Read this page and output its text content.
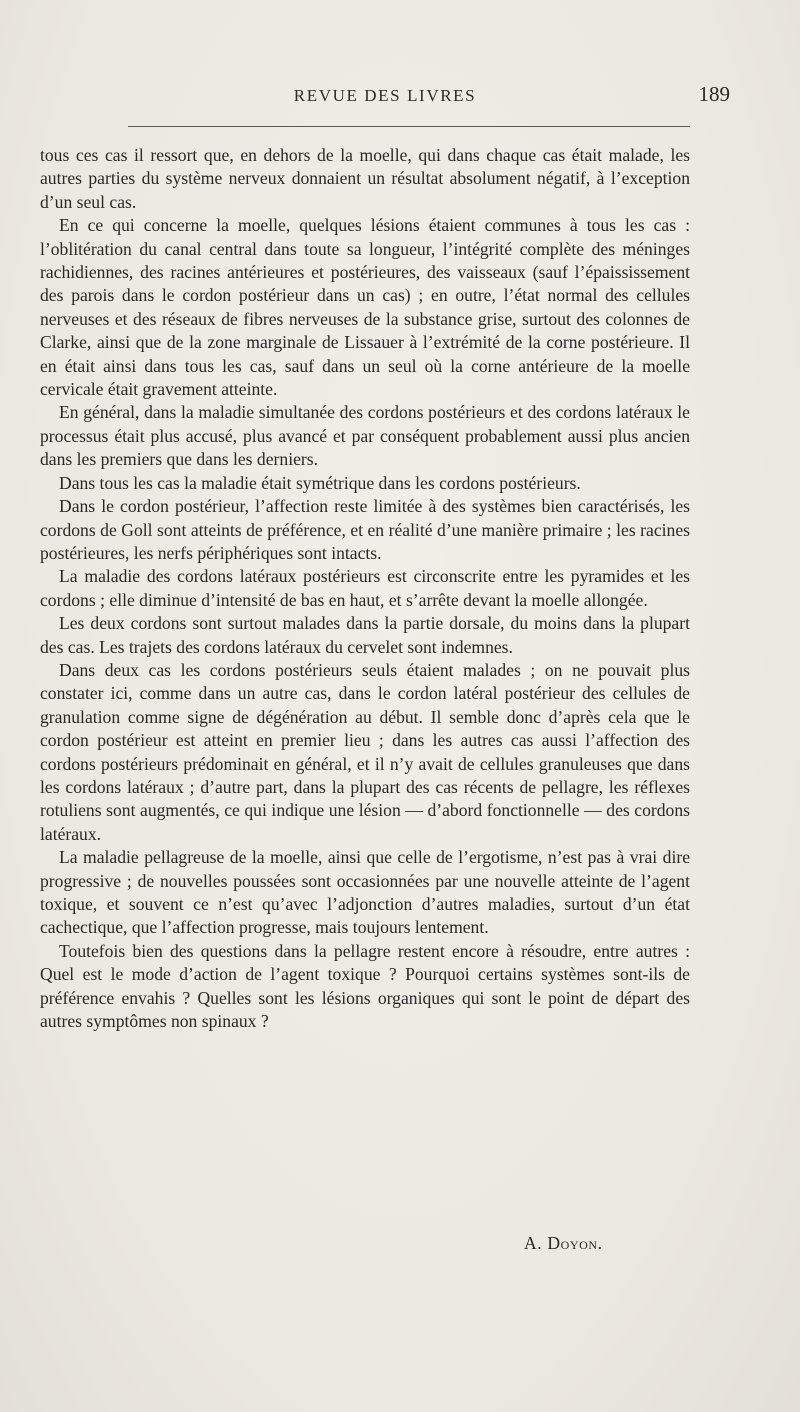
REVUE DES LIVRES	189

tous ces cas il ressort que, en dehors de la moelle, qui dans chaque cas était malade, les autres parties du système nerveux donnaient un résultat absolument négatif, à l’exception d’un seul cas.

En ce qui concerne la moelle, quelques lésions étaient communes à tous les cas : l’oblitération du canal central dans toute sa longueur, l’intégrité complète des méninges rachidiennes, des racines antérieures et postérieures, des vaisseaux (sauf l’épaississement des parois dans le cordon postérieur dans un cas) ; en outre, l’état normal des cellules nerveuses et des réseaux de fibres nerveuses de la substance grise, surtout des colonnes de Clarke, ainsi que de la zone marginale de Lissauer à l’extrémité de la corne postérieure. Il en était ainsi dans tous les cas, sauf dans un seul où la corne antérieure de la moelle cervicale était gravement atteinte.

En général, dans la maladie simultanée des cordons postérieurs et des cordons latéraux le processus était plus accusé, plus avancé et par conséquent probablement aussi plus ancien dans les premiers que dans les derniers.

Dans tous les cas la maladie était symétrique dans les cordons postérieurs.

Dans le cordon postérieur, l’affection reste limitée à des systèmes bien caractérisés, les cordons de Goll sont atteints de préférence, et en réalité d’une manière primaire ; les racines postérieures, les nerfs périphériques sont intacts.

La maladie des cordons latéraux postérieurs est circonscrite entre les pyramides et les cordons ; elle diminue d’intensité de bas en haut, et s’arrête devant la moelle allongée.

Les deux cordons sont surtout malades dans la partie dorsale, du moins dans la plupart des cas. Les trajets des cordons latéraux du cervelet sont indemnes.

Dans deux cas les cordons postérieurs seuls étaient malades ; on ne pouvait plus constater ici, comme dans un autre cas, dans le cordon latéral postérieur des cellules de granulation comme signe de dégénération au début. Il semble donc d’après cela que le cordon postérieur est atteint en premier lieu ; dans les autres cas aussi l’affection des cordons postérieurs prédominait en général, et il n’y avait de cellules granuleuses que dans les cordons latéraux ; d’autre part, dans la plupart des cas récents de pellagre, les réflexes rotuliens sont augmentés, ce qui indique une lésion — d’abord fonctionnelle — des cordons latéraux.

La maladie pellagreuse de la moelle, ainsi que celle de l’ergotisme, n’est pas à vrai dire progressive ; de nouvelles poussées sont occasionnées par une nouvelle atteinte de l’agent toxique, et souvent ce n’est qu’avec l’adjonction d’autres maladies, surtout d’un état cachectique, que l’affection progresse, mais toujours lentement.

Toutefois bien des questions dans la pellagre restent encore à résoudre, entre autres : Quel est le mode d’action de l’agent toxique ? Pourquoi certains systèmes sont-ils de préférence envahis ? Quelles sont les lésions organiques qui sont le point de départ des autres symptômes non spinaux ?

A. Doyon.
